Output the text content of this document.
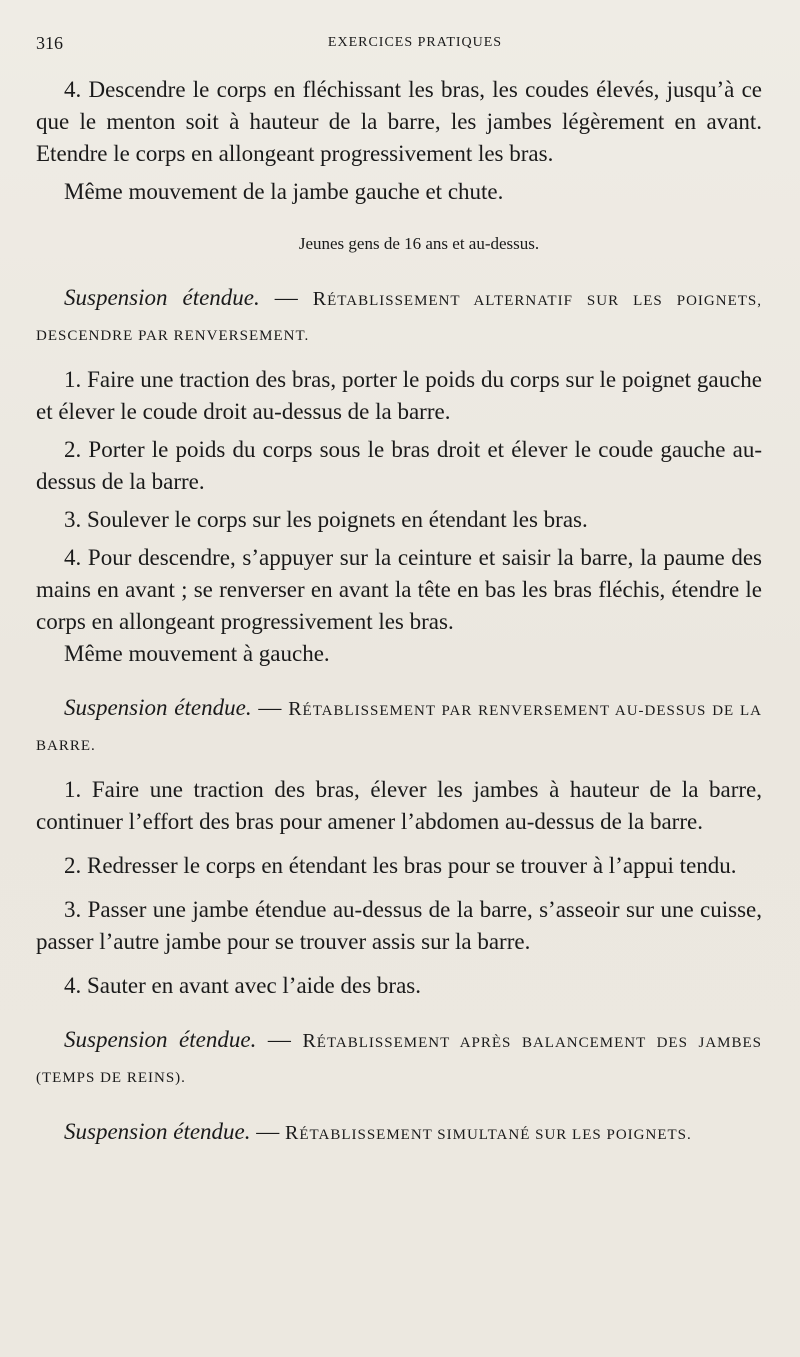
316	EXERCICES PRATIQUES

4. Descendre le corps en fléchissant les bras, les coudes élevés, jusqu’à ce que le menton soit à hauteur de la barre, les jambes légèrement en avant. Etendre le corps en allongeant progressivement les bras.

Même mouvement de la jambe gauche et chute.

Jeunes gens de 16 ans et au-dessus.

Suspension étendue. — RÉTABLISSEMENT ALTERNATIF SUR LES POIGNETS, DESCENDRE PAR RENVERSEMENT.

1. Faire une traction des bras, porter le poids du corps sur le poignet gauche et élever le coude droit au-dessus de la barre.

2. Porter le poids du corps sous le bras droit et élever le coude gauche au-dessus de la barre.

3. Soulever le corps sur les poignets en étendant les bras.

4. Pour descendre, s’appuyer sur la ceinture et saisir la barre, la paume des mains en avant ; se renverser en avant la tête en bas les bras fléchis, étendre le corps en allongeant progressivement les bras.

Même mouvement à gauche.

Suspension étendue. — RÉTABLISSEMENT PAR RENVERSEMENT AU-DESSUS DE LA BARRE.

1. Faire une traction des bras, élever les jambes à hauteur de la barre, continuer l’effort des bras pour amener l’abdomen au-dessus de la barre.

2. Redresser le corps en étendant les bras pour se trouver à l’appui tendu.

3. Passer une jambe étendue au-dessus de la barre, s’asseoir sur une cuisse, passer l’autre jambe pour se trouver assis sur la barre.

4. Sauter en avant avec l’aide des bras.

Suspension étendue. — RÉTABLISSEMENT APRÈS BALANCEMENT DES JAMBES (TEMPS DE REINS).

Suspension étendue. — RÉTABLISSEMENT SIMULTANÉ SUR LES POIGNETS.
